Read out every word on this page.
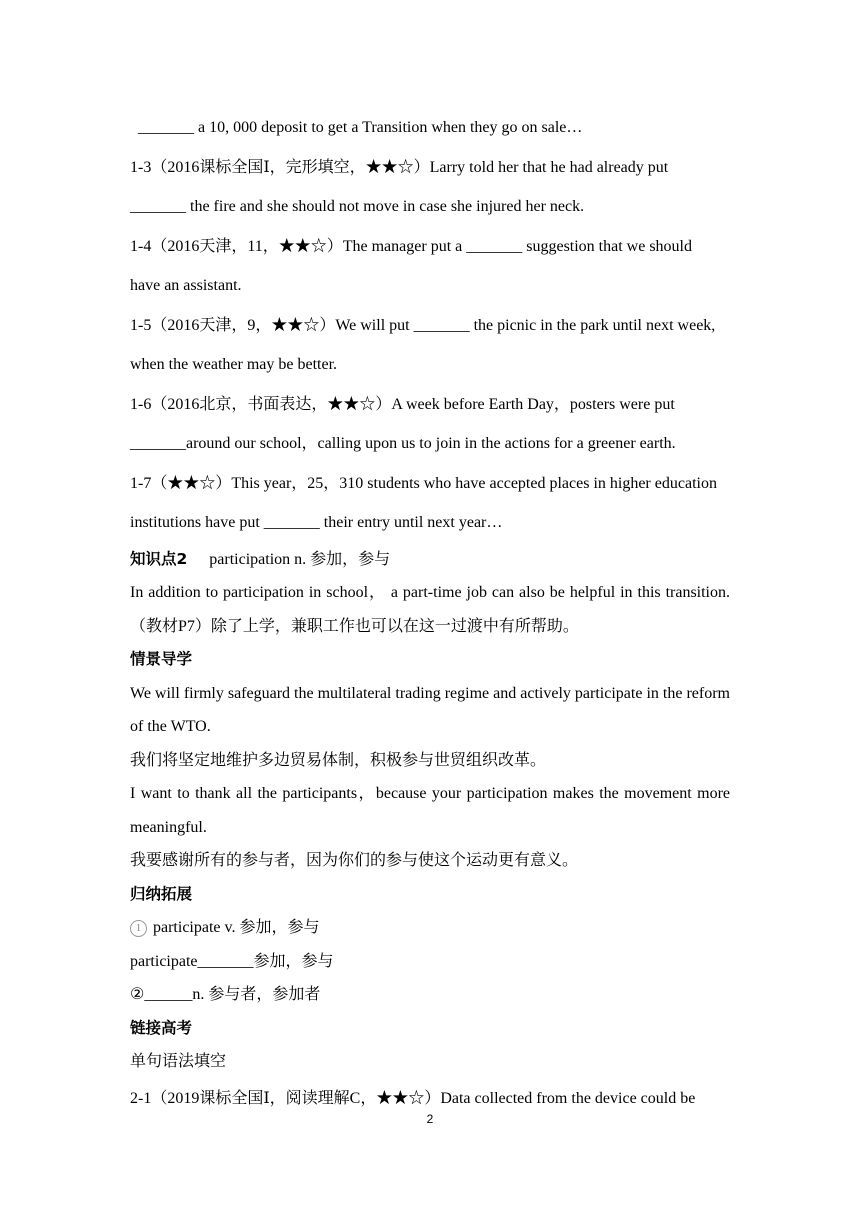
_______ a 10, 000 deposit to get a Transition when they go on sale…

1-3（2016课标全国Ⅰ，完形填空，★★☆）Larry told her that he had already put

_______ the fire and she should not move in case she injured her neck.

1-4（2016天津，11，★★☆）The manager put a _______ suggestion that we should

have an assistant.

1-5（2016天津，9，★★☆）We will put _______ the picnic in the park until next week,

when the weather may be better.

1-6（2016北京，书面表达，★★☆）A week before Earth Day，posters were put

_______around our school，calling upon us to join in the actions for a greener earth.

1-7（★★☆）This year，25，310 students who have accepted places in higher education

institutions have put _______ their entry until next year…

知识点2 participation n. 参加，参与

In addition to participation in school， a part-time job can also be helpful in this transition. （教材P7）除了上学，兼职工作也可以在这一过渡中有所帮助。

情景导学

We will firmly safeguard the multilateral trading regime and actively participate in the reform of the WTO.

我们将坚定地维护多边贸易体制，积极参与世贸组织改革。

I want to thank all the participants，because your participation makes the movement more meaningful.

我要感谢所有的参与者，因为你们的参与使这个运动更有意义。

归纳拓展

1 participate v. 参加，参与

participate_______参加，参与

②______n. 参与者，参加者

链接高考

单句语法填空

2-1（2019课标全国Ⅰ，阅读理解C，★★☆）Data collected from the device could be

2
